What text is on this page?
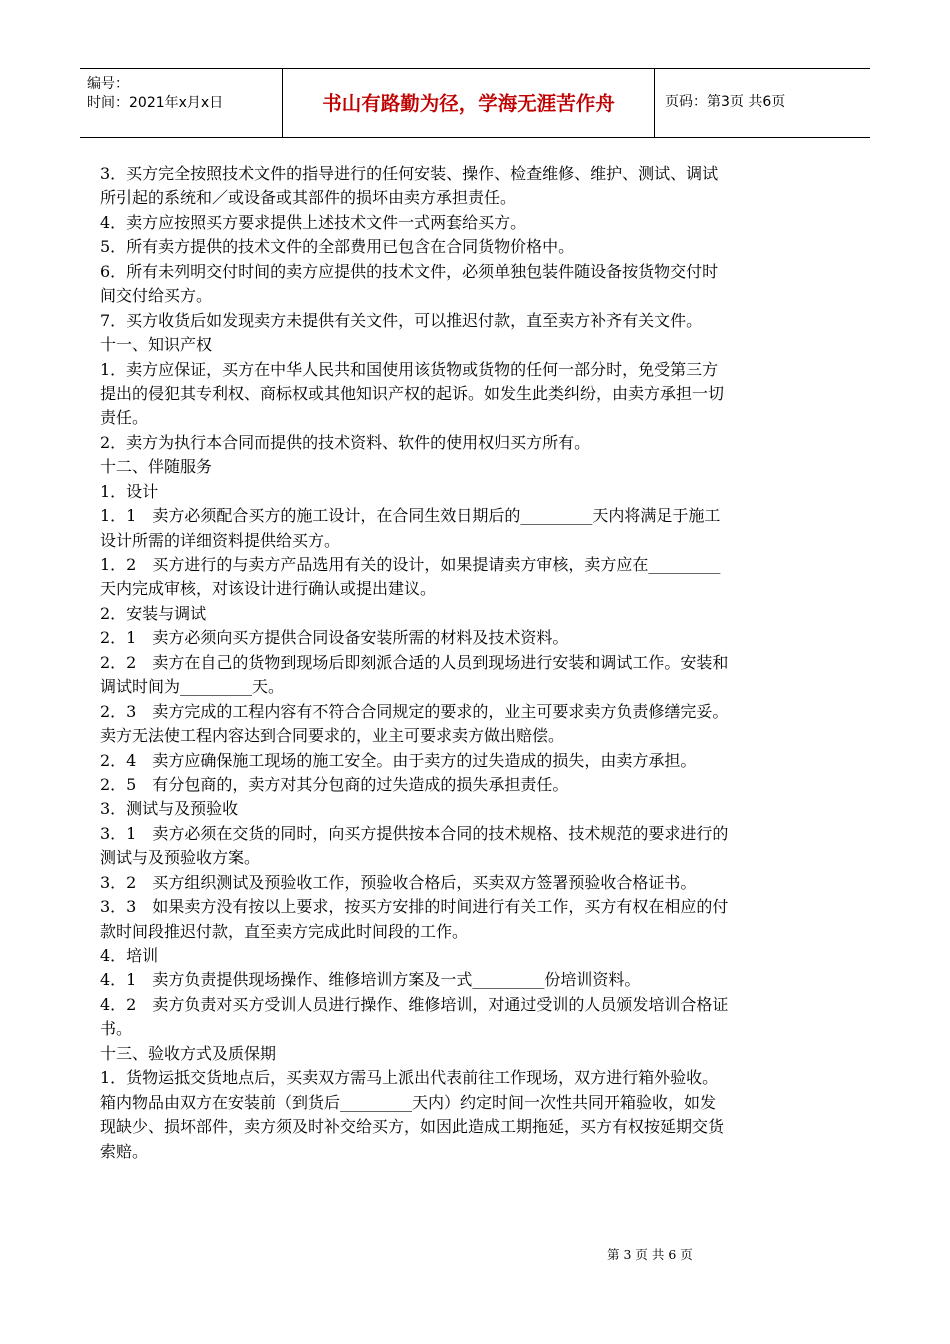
编号：
时间：2021年x月x日	书山有路勤为径，学海无涯苦作舟	页码：第3页 共6页
3．买方完全按照技术文件的指导进行的任何安装、操作、检查维修、维护、测试、调试
所引起的系统和／或设备或其部件的损坏由卖方承担责任。
4．卖方应按照买方要求提供上述技术文件一式两套给买方。
5．所有卖方提供的技术文件的全部费用已包含在合同货物价格中。
6．所有未列明交付时间的卖方应提供的技术文件，必须单独包装件随设备按货物交付时
间交付给买方。
7．买方收货后如发现卖方未提供有关文件，可以推迟付款，直至卖方补齐有关文件。
十一、知识产权
1．卖方应保证，买方在中华人民共和国使用该货物或货物的任何一部分时，免受第三方
提出的侵犯其专利权、商标权或其他知识产权的起诉。如发生此类纠纷，由卖方承担一切
责任。
2．卖方为执行本合同而提供的技术资料、软件的使用权归买方所有。
十二、伴随服务
1．设计
1．1　卖方必须配合买方的施工设计，在合同生效日期后的_________天内将满足于施工
设计所需的详细资料提供给买方。
1．2　买方进行的与卖方产品选用有关的设计，如果提请卖方审核，卖方应在_________
天内完成审核，对该设计进行确认或提出建议。
2．安装与调试
2．1　卖方必须向买方提供合同设备安装所需的材料及技术资料。
2．2　卖方在自己的货物到现场后即刻派合适的人员到现场进行安装和调试工作。安装和
调试时间为_________天。
2．3　卖方完成的工程内容有不符合合同规定的要求的，业主可要求卖方负责修缮完妥。
卖方无法使工程内容达到合同要求的，业主可要求卖方做出赔偿。
2．4　卖方应确保施工现场的施工安全。由于卖方的过失造成的损失，由卖方承担。
2．5　有分包商的，卖方对其分包商的过失造成的损失承担责任。
3．测试与及预验收
3．1　卖方必须在交货的同时，向买方提供按本合同的技术规格、技术规范的要求进行的
测试与及预验收方案。
3．2　买方组织测试及预验收工作，预验收合格后，买卖双方签署预验收合格证书。
3．3　如果卖方没有按以上要求，按买方安排的时间进行有关工作，买方有权在相应的付
款时间段推迟付款，直至卖方完成此时间段的工作。
4．培训
4．1　卖方负责提供现场操作、维修培训方案及一式_________份培训资料。
4．2　卖方负责对买方受训人员进行操作、维修培训，对通过受训的人员颁发培训合格证
书。
十三、验收方式及质保期
1．货物运抵交货地点后，买卖双方需马上派出代表前往工作现场，双方进行箱外验收。
箱内物品由双方在安装前（到货后_________天内）约定时间一次性共同开箱验收，如发
现缺少、损坏部件，卖方须及时补交给买方，如因此造成工期拖延，买方有权按延期交货
索赔。
第 3 页 共 6 页
